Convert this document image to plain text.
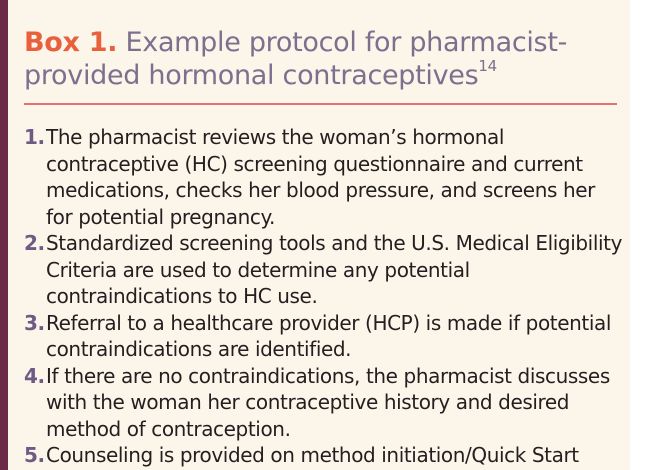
Box 1. Example protocol for pharmacist-provided hormonal contraceptives$^{14}$
1. The pharmacist reviews the woman’s hormonal contraceptive (HC) screening questionnaire and current medications, checks her blood pressure, and screens her for potential pregnancy.
2. Standardized screening tools and the U.S. Medical Eligibility Criteria are used to determine any potential contraindications to HC use.
3. Referral to a healthcare provider (HCP) is made if potential contraindications are identified.
4. If there are no contraindications, the pharmacist discusses with the woman her contraceptive history and desired method of contraception.
5. Counseling is provided on method initiation/Quick Start
